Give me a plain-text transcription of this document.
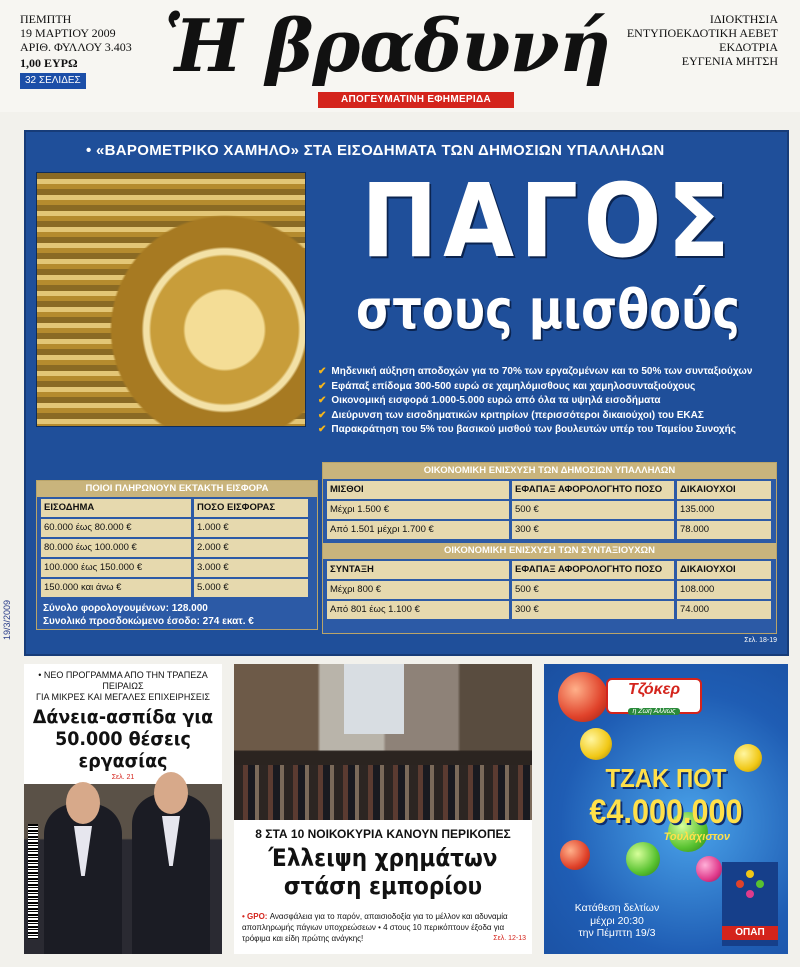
ΠΕΜΠΤΗ
19 ΜΑΡΤΙΟΥ 2009
ΑΡΙΘ. ΦΥΛΛΟΥ 3.403
1,00 ΕΥΡΩ
32 ΣΕΛΙΔΕΣ	Ἡ βραδυνή
ΑΠΟΓΕΥΜΑΤΙΝΗ ΕΦΗΜΕΡΙΔΑ
ΙΔΙΟΚΤΗΣΙΑ
ΕΝΤΥΠΟΕΚΔΟΤΙΚΗ ΑΕΒΕΤ
ΕΚΔΟΤΡΙΑ
ΕΥΓΕΝΙΑ ΜΗΤΣΗ
• «ΒΑΡΟΜΕΤΡΙΚΟ ΧΑΜΗΛΟ» ΣΤΑ ΕΙΣΟΔΗΜΑΤΑ ΤΩΝ ΔΗΜΟΣΙΩΝ ΥΠΑΛΛΗΛΩΝ
ΠΑΓΟΣ
στους μισθούς
✔ Μηδενική αύξηση αποδοχών για το 70% των εργαζομένων και το 50% των συνταξιούχων
✔ Εφάπαξ επίδομα 300-500 ευρώ σε χαμηλόμισθους και χαμηλοσυνταξιούχους
✔ Οικονομική εισφορά 1.000-5.000 ευρώ από όλα τα υψηλά εισοδήματα
✔ Διεύρυνση των εισοδηματικών κριτηρίων (περισσότεροι δικαιούχοι) του ΕΚΑΣ
✔ Παρακράτηση του 5% του βασικού μισθού των βουλευτών υπέρ του Ταμείου Συνοχής
ΠΟΙΟΙ ΠΛΗΡΩΝΟΥΝ ΕΚΤΑΚΤΗ ΕΙΣΦΟΡΑ
ΕΙΣΟΔΗΜΑ	ΠΟΣΟ ΕΙΣΦΟΡΑΣ
60.000 έως 80.000 €	1.000 €
80.000 έως 100.000 €	2.000 €
100.000 έως 150.000 €	3.000 €
150.000 και άνω €	5.000 €
Σύνολο φορολογουμένων: 128.000
Συνολικό προσδοκώμενο έσοδο: 274 εκατ. €
ΟΙΚΟΝΟΜΙΚΗ ΕΝΙΣΧΥΣΗ ΤΩΝ ΔΗΜΟΣΙΩΝ ΥΠΑΛΛΗΛΩΝ
ΜΙΣΘΟΙ	ΕΦΑΠΑΞ ΑΦΟΡΟΛΟΓΗΤΟ ΠΟΣΟ	ΔΙΚΑΙΟΥΧΟΙ
Μέχρι 1.500 €	500 €	135.000
Από 1.501 μέχρι 1.700 €	300 €	78.000
ΟΙΚΟΝΟΜΙΚΗ ΕΝΙΣΧΥΣΗ ΤΩΝ ΣΥΝΤΑΞΙΟΥΧΩΝ
ΣΥΝΤΑΞΗ	ΕΦΑΠΑΞ ΑΦΟΡΟΛΟΓΗΤΟ ΠΟΣΟ	ΔΙΚΑΙΟΥΧΟΙ
Μέχρι 800 €	500 €	108.000
Από 801 έως 1.100 €	300 €	74.000
Σελ. 18-19
• ΝΕΟ ΠΡΟΓΡΑΜΜΑ ΑΠΟ ΤΗΝ ΤΡΑΠΕΖΑ ΠΕΙΡΑΙΩΣ
ΓΙΑ ΜΙΚΡΕΣ ΚΑΙ ΜΕΓΑΛΕΣ ΕΠΙΧΕΙΡΗΣΕΙΣ
Δάνεια-ασπίδα για 50.000 θέσεις εργασίας
Σελ. 21
8 ΣΤΑ 10 ΝΟΙΚΟΚΥΡΙΑ ΚΑΝΟΥΝ ΠΕΡΙΚΟΠΕΣ
Έλλειψη χρημάτων στάση εμπορίου
• GPO: Ανασφάλεια για το παρόν, απαισιοδοξία για το μέλλον και αδυναμία αποπληρωμής πάγιων υποχρεώσεων • 4 στους 10 περικόπτουν έξοδα για τρόφιμα και είδη πρώτης ανάγκης!	Σελ. 12-13
Τζόκερ
η Ζωή Αλλιώς
ΤΖΑΚ ΠΟΤ
€4.000.000
Τουλάχιστον
Κατάθεση δελτίων
μέχρι 20:30
την Πέμπτη 19/3	ΟΠΑΠ
19/3/2009
